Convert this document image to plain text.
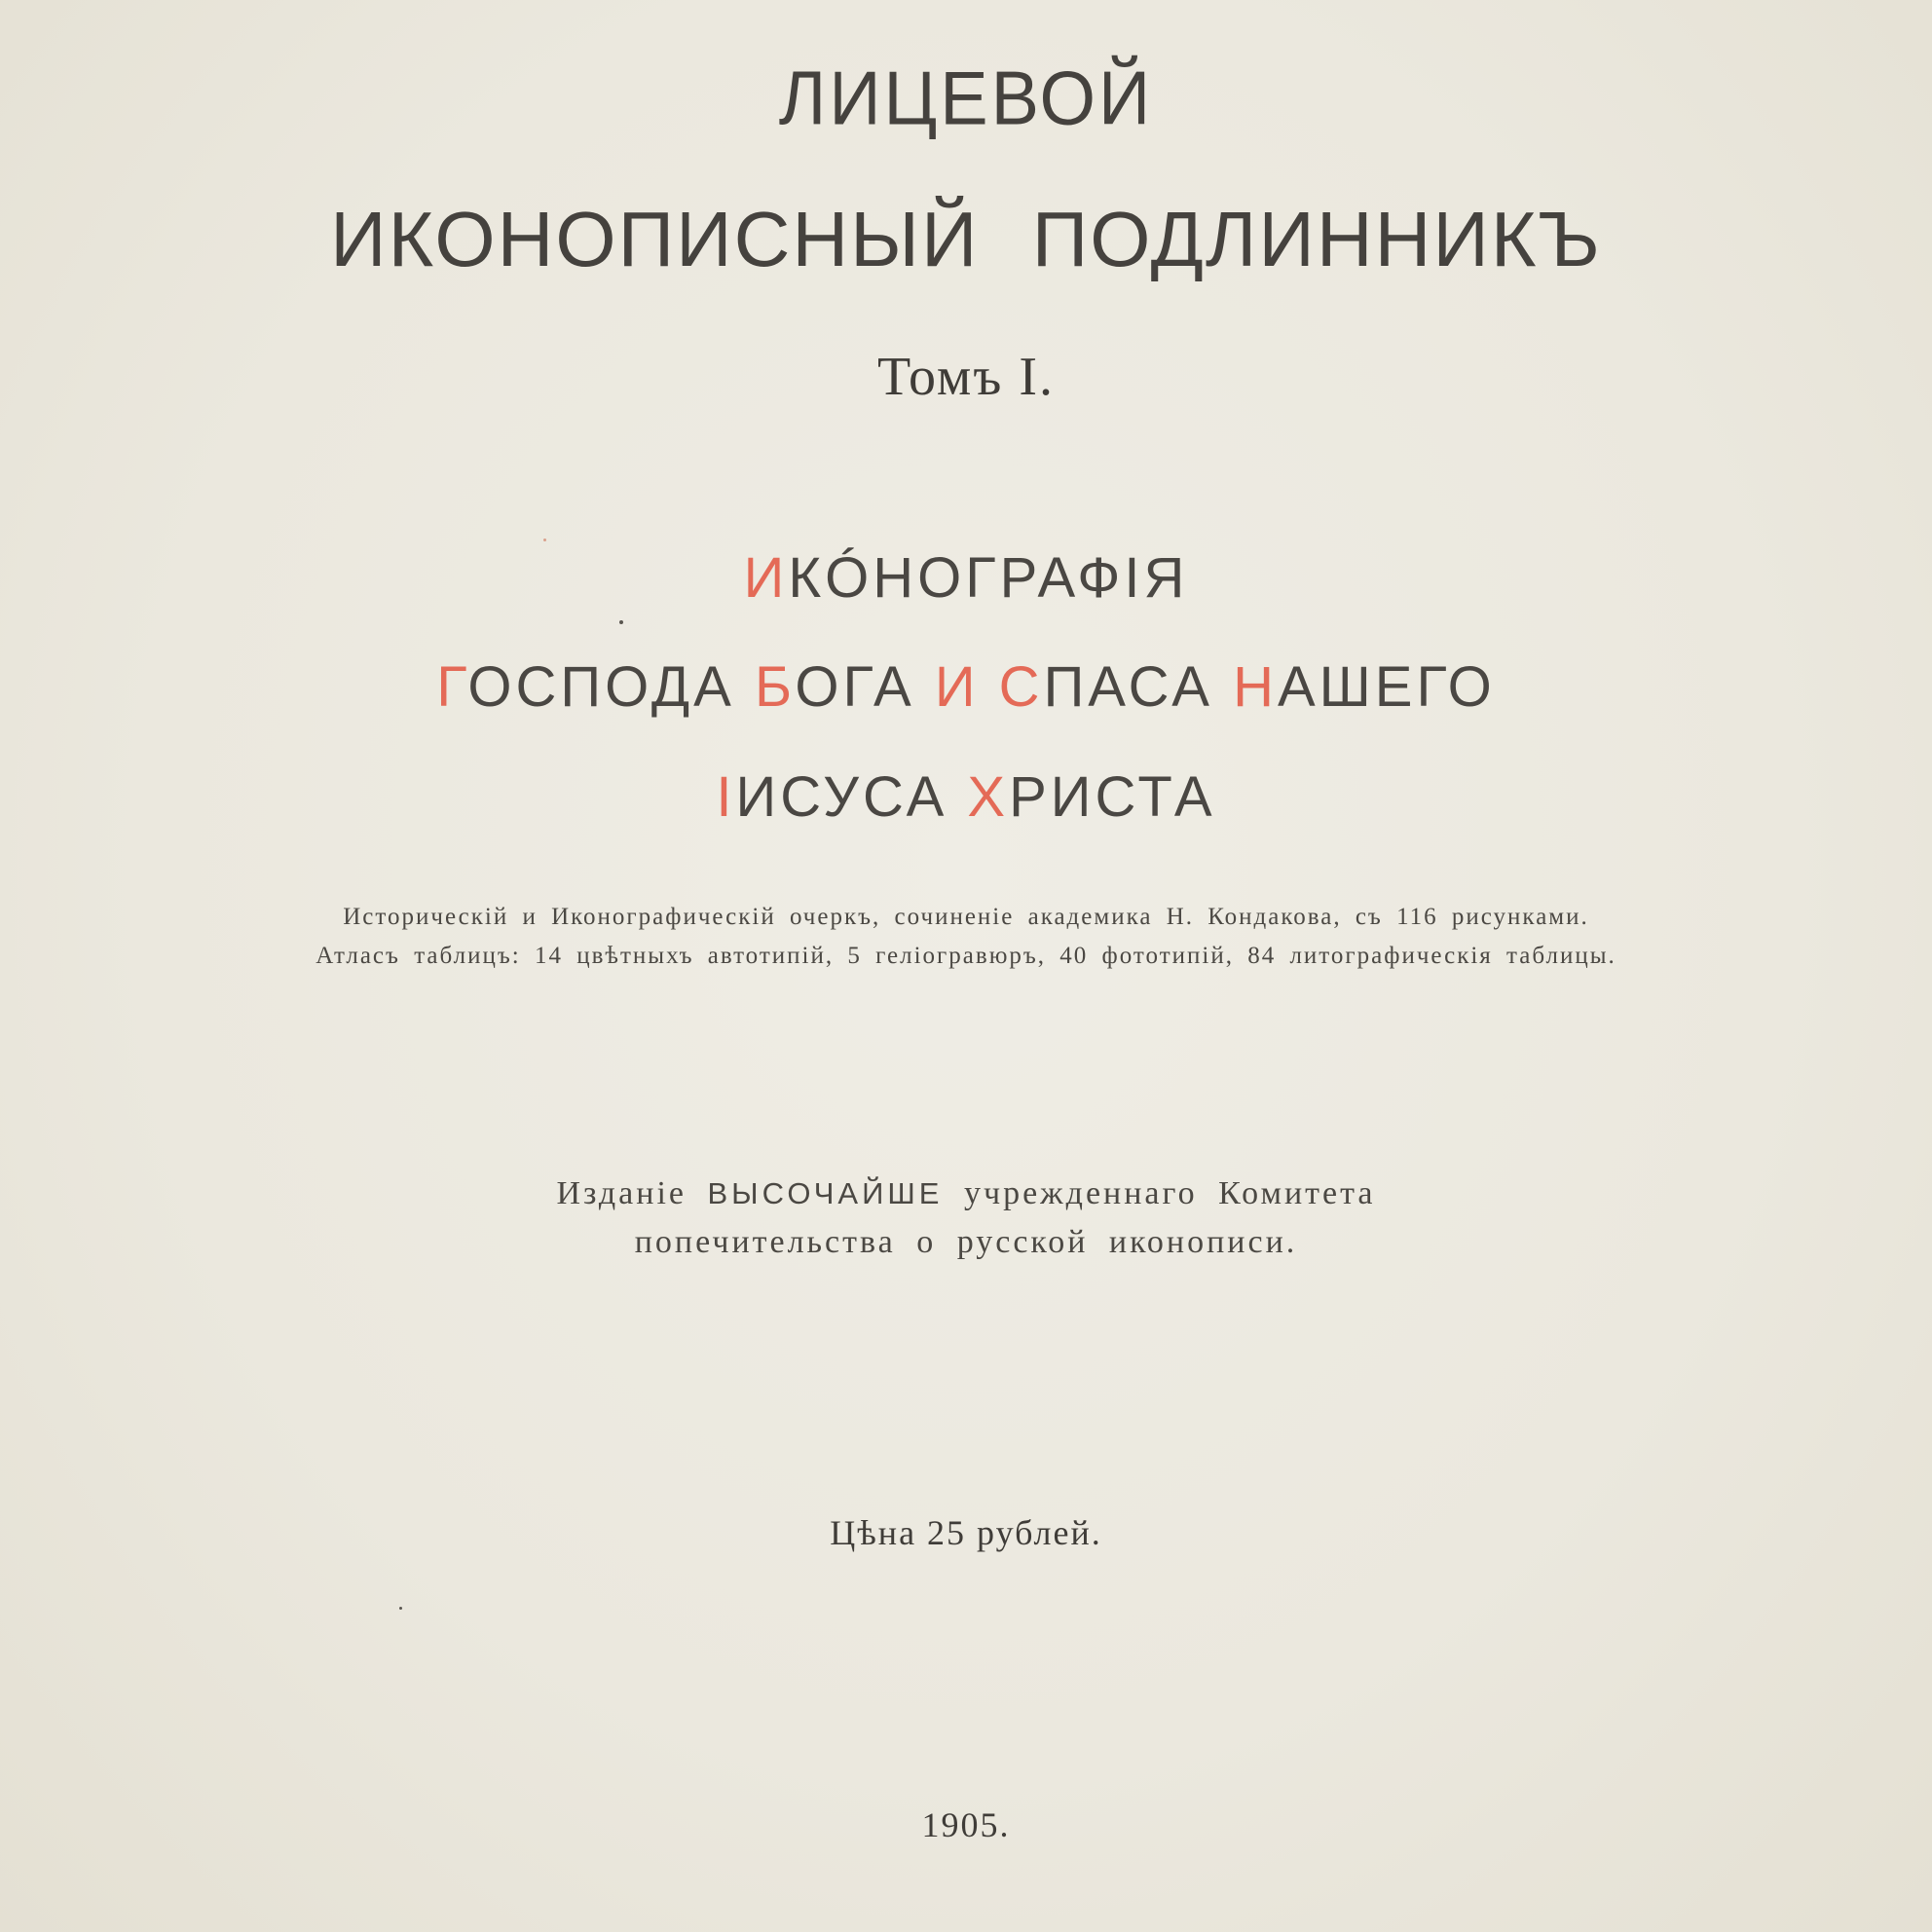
ЛИЦЕВОЙ
ИКОНОПИСНЫЙ ПОДЛИННИКЪ
Томъ I.
ИКÓНОГРАФІЯ
ГОСПОДА БОГА И СПАСА НАШЕГО
ІИСУСА ХРИСТА
Историческій и Иконографическій очеркъ, сочиненіе академика Н. Кондакова, съ 116 рисунками.
Атласъ таблицъ: 14 цвѣтныхъ автотипій, 5 геліогравюръ, 40 фототипій, 84 литографическія таблицы.
Изданіе ВЫСОЧАЙШЕ учрежденнаго Комитета
попечительства о русской иконописи.
Цѣна 25 рублей.
1905.
